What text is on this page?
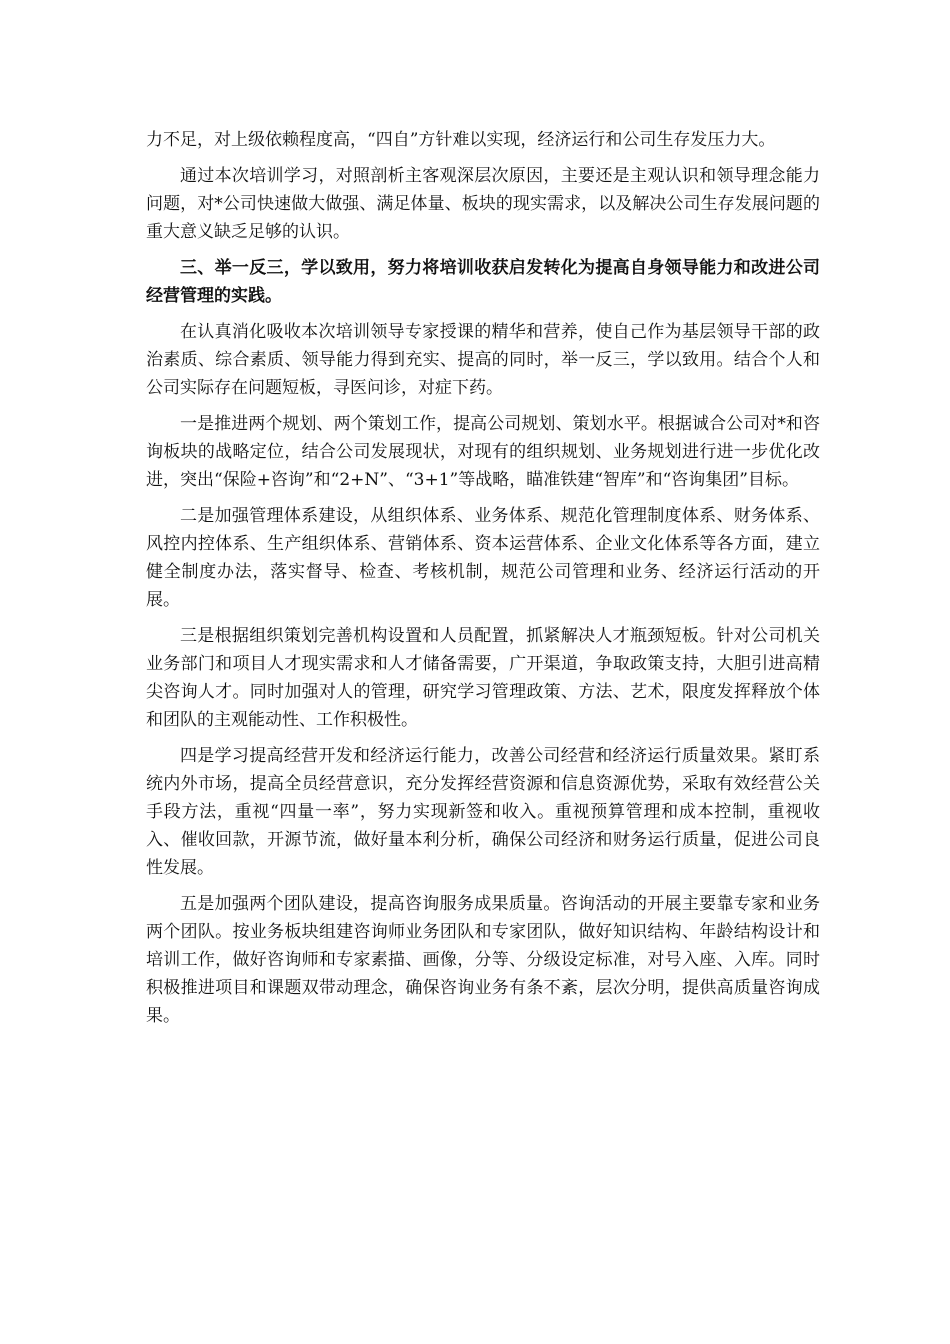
力不足，对上级依赖程度高，“四自”方针难以实现，经济运行和公司生存发压力大。

通过本次培训学习，对照剖析主客观深层次原因，主要还是主观认识和领导理念能力问题，对*公司快速做大做强、满足体量、板块的现实需求，以及解决公司生存发展问题的重大意义缺乏足够的认识。

三、举一反三，学以致用，努力将培训收获启发转化为提高自身领导能力和改进公司经营管理的实践。

在认真消化吸收本次培训领导专家授课的精华和营养，使自己作为基层领导干部的政治素质、综合素质、领导能力得到充实、提高的同时，举一反三，学以致用。结合个人和公司实际存在问题短板，寻医问诊，对症下药。

一是推进两个规划、两个策划工作，提高公司规划、策划水平。根据诚合公司对*和咨询板块的战略定位，结合公司发展现状，对现有的组织规划、业务规划进行进一步优化改进，突出“保险+咨询”和“2+N”、“3+1”等战略，瞄准铁建“智库”和“咨询集团”目标。

二是加强管理体系建设，从组织体系、业务体系、规范化管理制度体系、财务体系、风控内控体系、生产组织体系、营销体系、资本运营体系、企业文化体系等各方面，建立健全制度办法，落实督导、检查、考核机制，规范公司管理和业务、经济运行活动的开展。

三是根据组织策划完善机构设置和人员配置，抓紧解决人才瓶颈短板。针对公司机关业务部门和项目人才现实需求和人才储备需要，广开渠道，争取政策支持，大胆引进高精尖咨询人才。同时加强对人的管理，研究学习管理政策、方法、艺术，限度发挥释放个体和团队的主观能动性、工作积极性。

四是学习提高经营开发和经济运行能力，改善公司经营和经济运行质量效果。紧盯系统内外市场，提高全员经营意识，充分发挥经营资源和信息资源优势，采取有效经营公关手段方法，重视“四量一率”，努力实现新签和收入。重视预算管理和成本控制，重视收入、催收回款，开源节流，做好量本利分析，确保公司经济和财务运行质量，促进公司良性发展。

五是加强两个团队建设，提高咨询服务成果质量。咨询活动的开展主要靠专家和业务两个团队。按业务板块组建咨询师业务团队和专家团队，做好知识结构、年龄结构设计和培训工作，做好咨询师和专家素描、画像，分等、分级设定标准，对号入座、入库。同时积极推进项目和课题双带动理念，确保咨询业务有条不紊，层次分明，提供高质量咨询成果。
